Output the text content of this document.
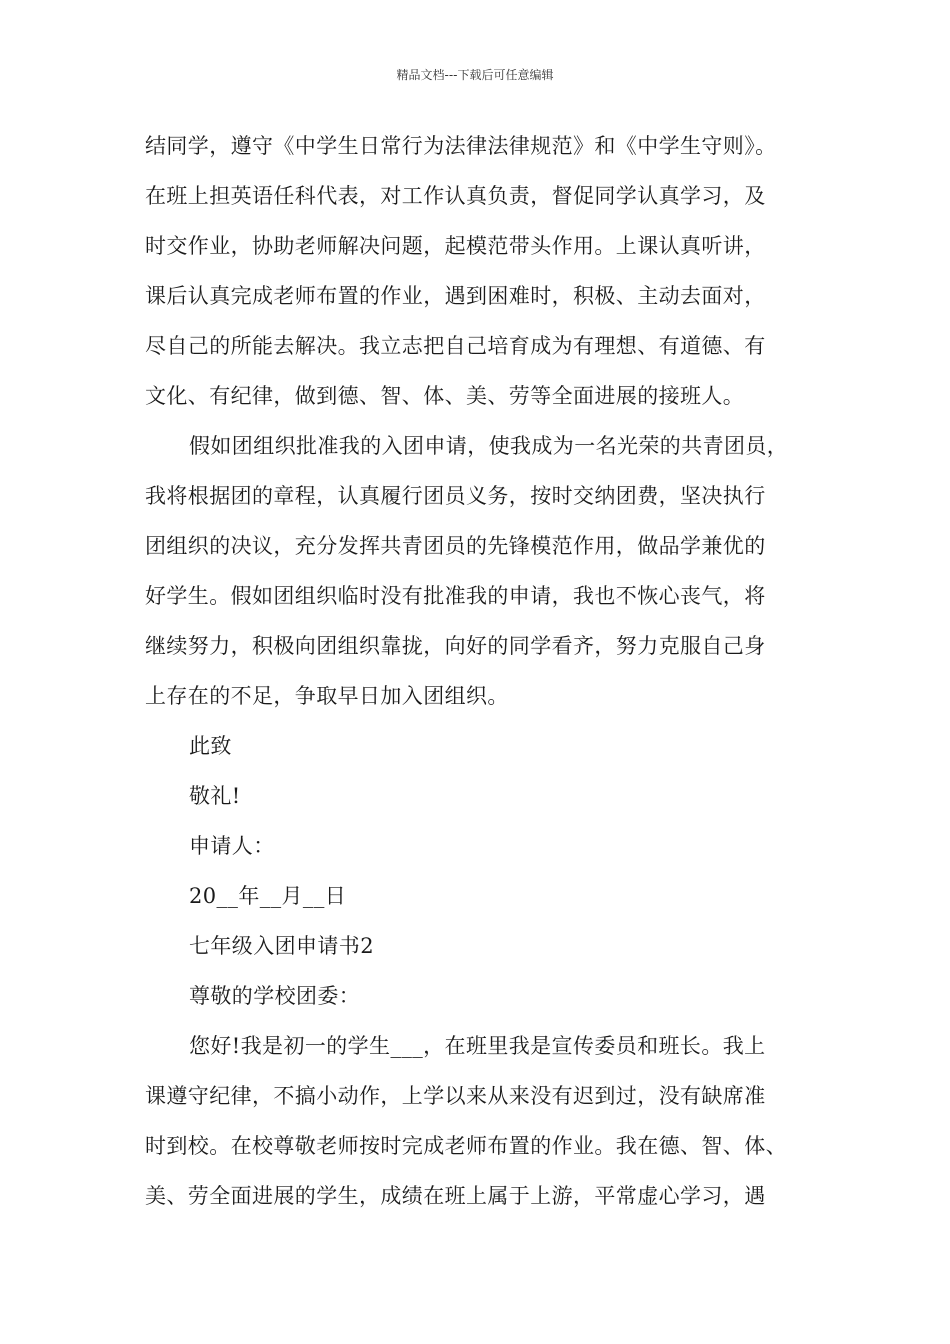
精品文档---下载后可任意编辑
结同学，遵守《中学生日常行为法律法律规范》和《中学生守则》。
在班上担英语任科代表，对工作认真负责，督促同学认真学习，及
时交作业，协助老师解决问题，起模范带头作用。上课认真听讲，
课后认真完成老师布置的作业，遇到困难时，积极、主动去面对，
尽自己的所能去解决。我立志把自己培育成为有理想、有道德、有
文化、有纪律，做到德、智、体、美、劳等全面进展的接班人。
假如团组织批准我的入团申请，使我成为一名光荣的共青团员，
我将根据团的章程，认真履行团员义务，按时交纳团费，坚决执行
团组织的决议，充分发挥共青团员的先锋模范作用，做品学兼优的
好学生。假如团组织临时没有批准我的申请，我也不恢心丧气，将
继续努力，积极向团组织靠拢，向好的同学看齐，努力克服自己身
上存在的不足，争取早日加入团组织。
此致
敬礼!
申请人：
20__年__月__日
七年级入团申请书2
尊敬的学校团委：
您好!我是初一的学生___，在班里我是宣传委员和班长。我上
课遵守纪律，不搞小动作，上学以来从来没有迟到过，没有缺席准
时到校。在校尊敬老师按时完成老师布置的作业。我在德、智、体、
美、劳全面进展的学生，成绩在班上属于上游，平常虚心学习，遇
